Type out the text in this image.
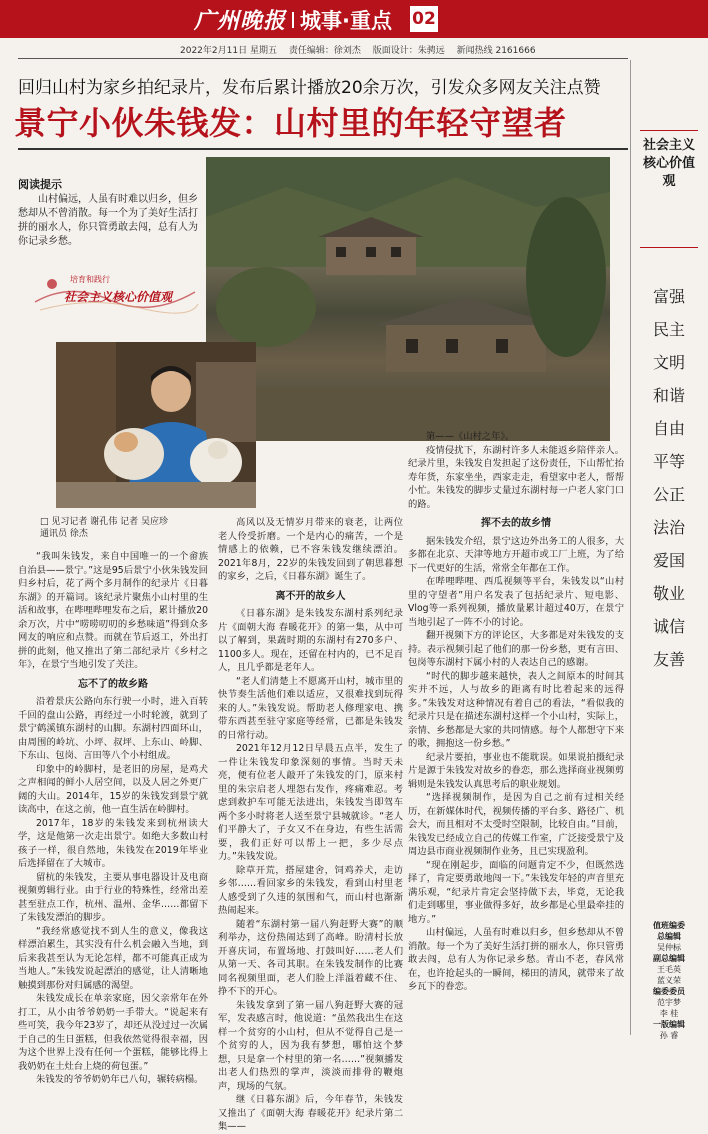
广州晚报 城事·重点 02
2022年2月11日 星期五 责任编辑：徐刘杰 版面设计：朱骋远 新闻热线 2161666
回归山村为家乡拍纪录片，发布后累计播放20余万次，引发众多网友关注点赞
景宁小伙朱钱发：山村里的年轻守望者
阅读提示
山村偏远，人虽有时难以归乡，但乡愁却从不曾消散。每一个为了美好生活打拼的丽水人，你只管勇敢去闯，总有人为你记录乡愁。
培育和践行
社会主义核心价值观
□ 见习记者 谢孔伟 记者 吴应珍
通讯员 徐杰

“我叫朱钱发，来自中国唯一的一个畲族自治县——景宁。”这是95后景宁小伙朱钱发回归乡村后，花了两个多月制作的纪录片《日暮东湖》的开篇词。该纪录片聚焦小山村里的生活和故事，在哔哩哔哩发布之后，累计播放20余万次，片中“唠唠叨叨的乡愁味道”得到众多网友的响应和点赞。而就在节后返工，外出打拼的此刻，他又推出了第二部纪录片《乡村之年》，在景宁当地引发了关注。

忘不了的故乡路

沿着景庆公路向东行驶一小时，进入百转千回的盘山公路，再经过一小时轮渡，就到了景宁鹤溪镇东湖村的山脚。东湖村四面环山，由周围的岭坑、小坪、叔坪、上东山、岭脚、下东山、包岗、言田等八个小村组成。

印象中的岭脚村，是老旧的房屋，是鸡犬之声相闻的鲜小人居空间，以及人居之外更广阔的大山。2014年，15岁的朱钱发到景宁就读高中，在这之前，他一直生活在岭脚村。

2017年，18岁的朱钱发来到杭州读大学，这是他第一次走出景宁。如绝大多数山村孩子一样，很自然地，朱钱发在2019年毕业后选择留在了大城市。

留杭的朱钱发，主要从事电器设计及电商视频剪辑行业。由于行业的特殊性，经常出差甚至驻点工作，杭州、温州、金华……都留下了朱钱发漂泊的脚步。

“我经常感觉找不到人生的意义，像我这样漂泊累生，其实没有什么机会融入当地，到后来我甚至认为无论怎样，都不可能真正成为当地人。”朱钱发说起漂泊的感觉，让人清晰地触摸到那份对归属感的渴望。

朱钱发成长在单亲家庭，因父亲常年在外打工，从小由爷爷奶奶一手带大。“说起来有些可笑，我今年23岁了，却还从没过过一次属于自己的生日蛋糕，但我依然觉得很幸福，因为这个世界上没有任何一个蛋糕，能够比得上我奶奶在土灶台上烧的荷包蛋。”

朱钱发的爷爷奶奶年已八旬，辗转病榻。

高风以及无情岁月带来的衰老，让两位老人伶受折磨。一个是内心的痛苦，一个是情感上的依赖，已不容朱钱发继续漂泊。2021年8月，22岁的朱钱发回到了朝思暮想的家乡，之后，《日暮东湖》诞生了。

离不开的故乡人

《日暮东湖》是朱钱发东湖村系列纪录片《面朝大海 春暖花开》的第一集，从中可以了解到，果蔬时期的东湖村有270多户、1100多人。现在，还留在村内的，已不足百人，且几乎都是老年人。

“老人们清楚上不愿离开山村，城市里的快节奏生活他们难以适应，又很难找到玩得来的人。”朱钱发说。帮助老人修理家电、携带东西甚至驻守家庭等经常，已都是朱钱发的日常行动。

2021年12月12日早晨五点半，发生了一件让朱钱发印象深刻的事情。当时天未亮，便有位老人敲开了朱钱发的门，原来村里的朱宗启老人埋怨右发作，疼痛难忍。考虑到救护车可能无法进出，朱钱发当即驾车两个多小时将老人送至景宁县城就诊。“老人们平静大了，子女又不在身边，有些生活需要，我们正好可以帮上一把，多少尽点力。”朱钱发说。

除草开荒，搭屋建舍，饲鸡养犬，走访乡邻……看回家乡的朱钱发，看到山村里老人感受到了久违的氛围和气，而山村也渐渐热闹起来。

随着“东湖村第一届八狗赶野大赛”的顺利举办，这份热闹达到了高峰。盼清村长放开喜庆词，布置场地、打鼓叫好……老人们从第一天、各司其职。在朱钱发制作的比赛同名视频里面，老人们脸上洋溢着藏不住、挣不下的开心。

朱钱发拿到了第一届八狗赶野大赛的冠军，发表感言时，他说道：“虽然我出生在这样一个贫穷的小山村，但从不觉得自己是一个贫穷的人，因为我有梦想，哪怕这个梦想，只是拿一个村里的第一名……”视频播发出老人们热烈的掌声，淡淡而排骨的鞭炮声，现场的气氛。

继《日暮东湖》后，今年春节，朱钱发又推出了《面朝大海 春暖花开》纪录片第二集——

第——《山村之年》。

疫情侵扰下，东湖村许多人未能返乡陪伴亲人。纪录片里，朱钱发自发担起了这份责任，下山帮忙抬寿年货，东家坐坐，西家走走，看望家中老人，帮帮小忙。朱钱发的脚步丈量过东湖村每一户老人家门口的路。

挥不去的故乡情

据朱钱发介绍，景宁这边外出务工的人很多，大多都在北京、天津等地方开超市或工厂上班，为了给下一代更好的生活，常常全年都在工作。

在哔哩哔哩、西瓜视频等平台，朱钱发以“山村里的守望者”用户名发表了包括纪录片、短电影、Vlog等一系列视频，播放量累计超过40万，在景宁当地引起了一阵不小的讨论。

翻开视频下方的评论区，大多都是对朱钱发的支持。表示视频引起了他们的那一份乡愁，更有言田、包岗等东湖村下属小村的人表达自己的感谢。

“时代的脚步越来越快，表人之间原本的时间其实并不远，人与故乡的距离有时比着起来的远得多。”朱钱发对这种情况有着自己的看法，“看似我的纪录片只是在描述东湖村这样一个小山村，实际上，亲情、乡愁都是大家的共同情感。每个人都想守下来的歌，拥抱这一份乡愁。”

纪录片要拍，事业也不能耽误。如果说拍摄纪录片是源于朱钱发对故乡的眷恋，那么选择商业视频剪辑则是朱钱发认真思考后的职业规划。

“选择视频制作，是因为自己之前有过相关经历，在新媒体时代，视频传播的平台多、路径广、机会大，而且相对不太受时空限制，比较自由。”目前，朱钱发已经成立自己的传媒工作室，广泛接受景宁及周边县市商业视频制作业务，且已实现盈利。

“现在刚起步，面临的问题肯定不少，但既然选择了，肯定要勇敢地闯一下。”朱钱发年轻的声音里充满乐观，“纪录片肯定会坚持做下去，毕竟，无论我们走到哪里，事业做得多好，故乡都是心里最牵挂的地方。”

山村偏远，人虽有时难以归乡，但乡愁却从不曾消散。每一个为了美好生活打拼的丽水人，你只管勇敢去闯，总有人为你记录乡愁。青山不老，春风常在，也许抢起头的一瞬间，梯田的清风，就带来了故乡瓦下的眷恋。

社会主义核心价值观
富强
民主
文明
和谐
自由
平等
公正
法治
爱国
敬业
诚信
友善
值班编委
总编辑
吴仲标
副总编辑
王毛英
蓝义荣
编委委员
范宇梦
李 桂
一版编辑
孙 睿
